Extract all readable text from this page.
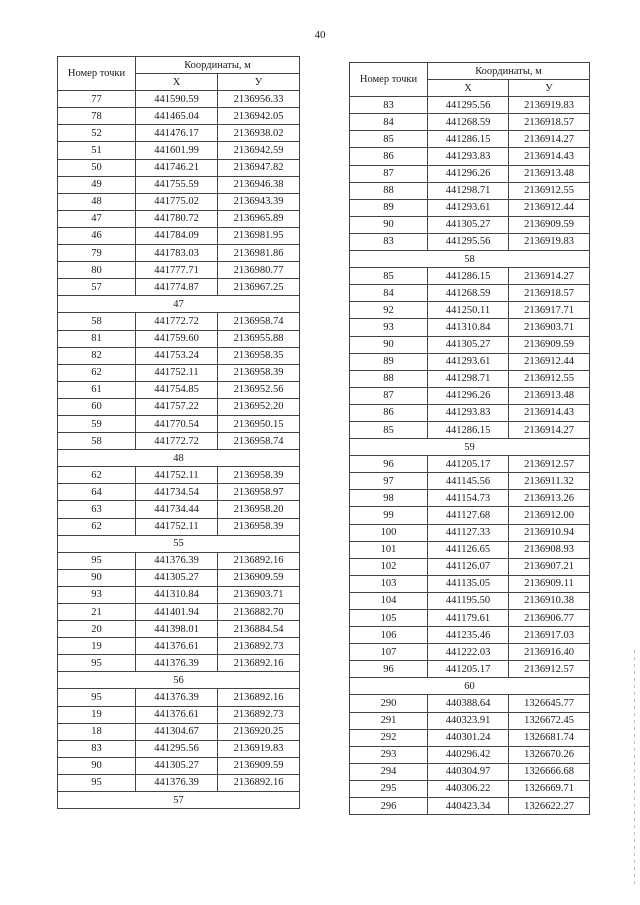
40
Номер точки	Координаты, м	
	Х	У
77	441590.59	2136956.33
78	441465.04	2136942.05
52	441476.17	2136938.02
51	441601.99	2136942.59
50	441746.21	2136947.82
49	441755.59	2136946.38
48	441775.02	2136943.39
47	441780.72	2136965.89
46	441784.09	2136981.95
79	441783.03	2136981.86
80	441777.71	2136980.77
57	441774.87	2136967.25
47		
58	441772.72	2136958.74
81	441759.60	2136955.88
82	441753.24	2136958.35
62	441752.11	2136958.39
61	441754.85	2136952.56
60	441757.22	2136952.20
59	441770.54	2136950.15
58	441772.72	2136958.74
48		
62	441752.11	2136958.39
64	441734.54	2136958.97
63	441734.44	2136958.20
62	441752.11	2136958.39
55		
95	441376.39	2136892.16
90	441305.27	2136909.59
93	441310.84	2136903.71
21	441401.94	2136882.70
20	441398.01	2136884.54
19	441376.61	2136892.73
95	441376.39	2136892.16
56		
95	441376.39	2136892.16
19	441376.61	2136892.73
18	441304.67	2136920.25
83	441295.56	2136919.83
90	441305.27	2136909.59
95	441376.39	2136892.16
57		
Номер точки	Координаты, м	
	Х	У
83	441295.56	2136919.83
84	441268.59	2136918.57
85	441286.15	2136914.27
86	441293.83	2136914.43
87	441296.26	2136913.48
88	441298.71	2136912.55
89	441293.61	2136912.44
90	441305.27	2136909.59
83	441295.56	2136919.83
58		
85	441286.15	2136914.27
84	441268.59	2136918.57
92	441250.11	2136917.71
93	441310.84	2136903.71
90	441305.27	2136909.59
89	441293.61	2136912.44
88	441298.71	2136912.55
87	441296.26	2136913.48
86	441293.83	2136914.43
85	441286.15	2136914.27
59		
96	441205.17	2136912.57
97	441145.56	2136911.32
98	441154.73	2136913.26
99	441127.68	2136912.00
100	441127.33	2136910.94
101	441126.65	2136908.93
102	441126.07	2136907.21
103	441135.05	2136909.11
104	441195.50	2136910.38
105	441179.61	2136906.77
106	441235.46	2136917.03
107	441222.03	2136916.40
96	441205.17	2136912.57
60		
290	440388.64	1326645.77
291	440323.91	1326672.45
292	440301.24	1326681.74
293	440296.42	1326670.26
294	440304.97	1326666.68
295	440306.22	1326669.71
296	440423.34	1326622.27
